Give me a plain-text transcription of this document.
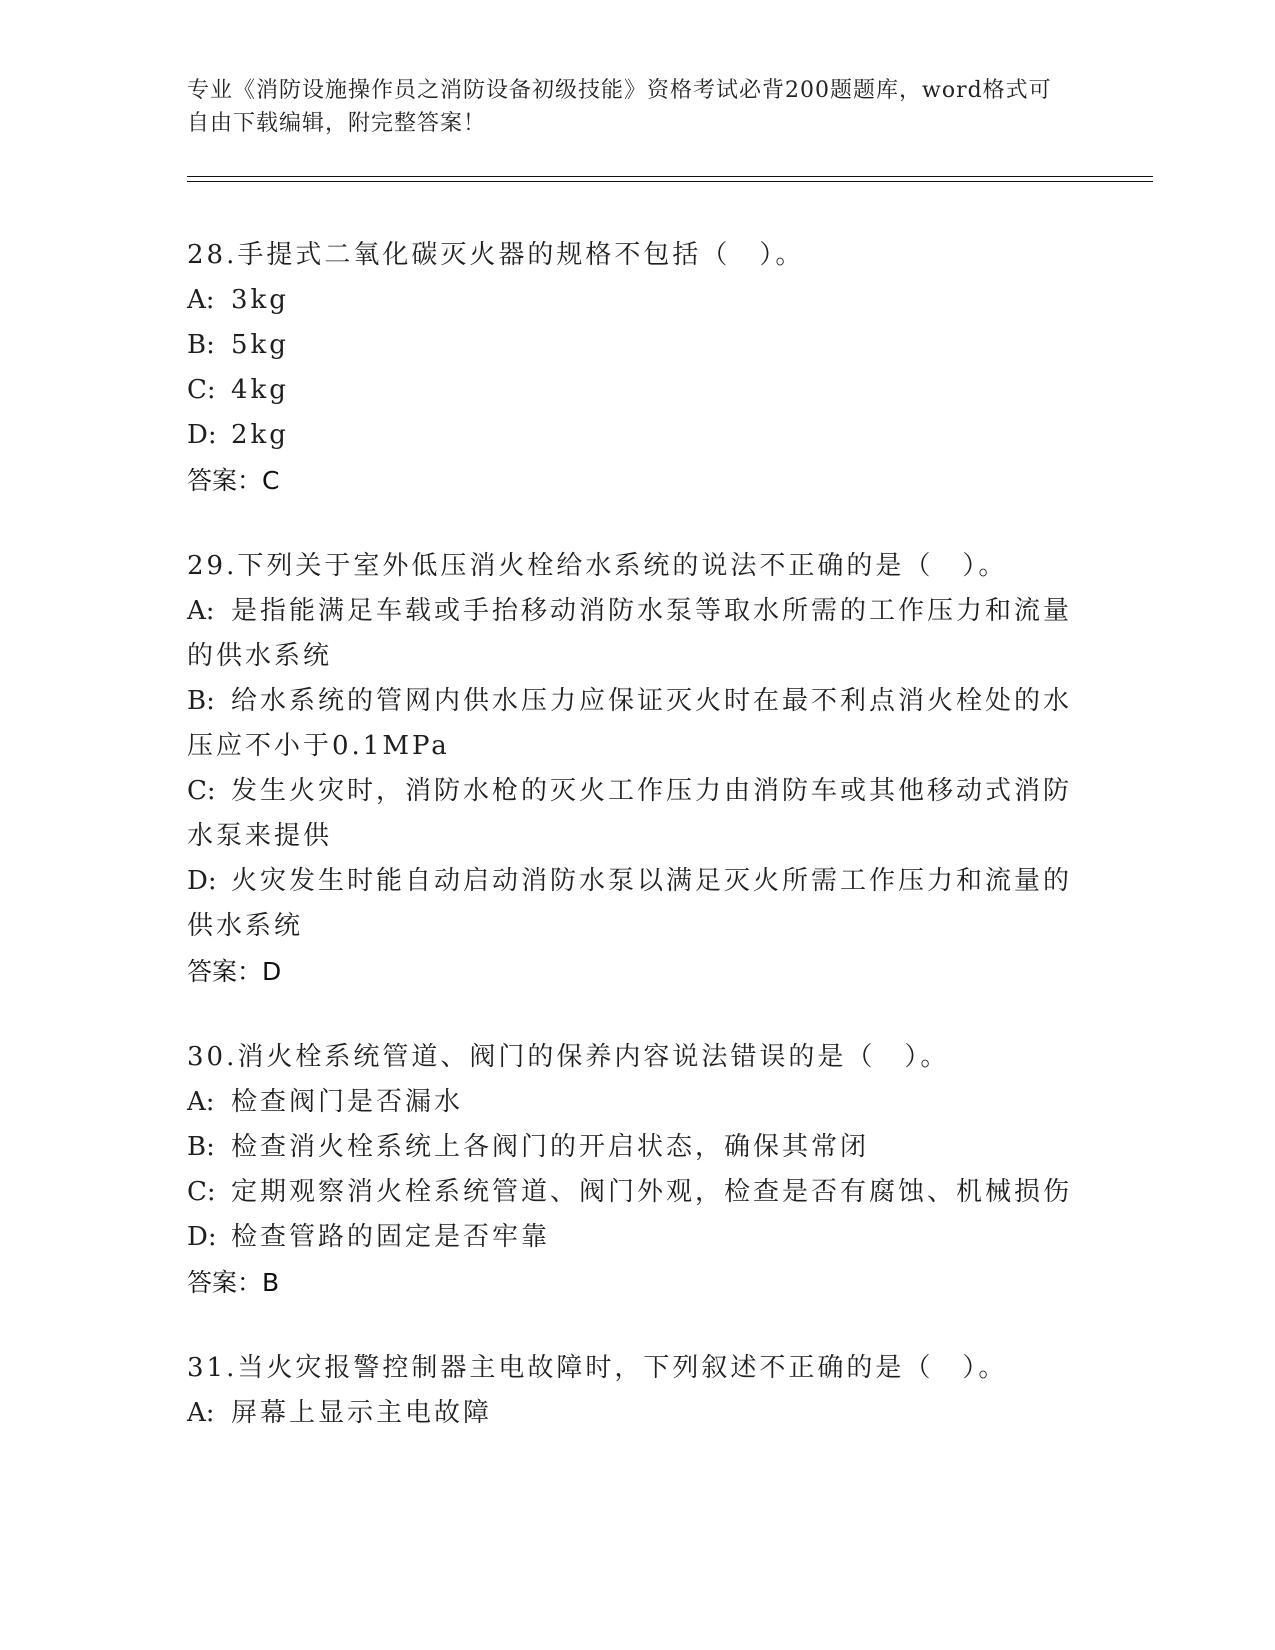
专业《消防设施操作员之消防设备初级技能》资格考试必背200题题库，word格式可自由下载编辑，附完整答案！

28.手提式二氧化碳灭火器的规格不包括（　）。

A: 3kg

B: 5kg

C: 4kg

D: 2kg

答案：C

29.下列关于室外低压消火栓给水系统的说法不正确的是（　）。

A: 是指能满足车载或手抬移动消防水泵等取水所需的工作压力和流量的供水系统

B: 给水系统的管网内供水压力应保证灭火时在最不利点消火栓处的水压应不小于0.1MPa

C: 发生火灾时，消防水枪的灭火工作压力由消防车或其他移动式消防水泵来提供

D: 火灾发生时能自动启动消防水泵以满足灭火所需工作压力和流量的供水系统

答案：D

30.消火栓系统管道、阀门的保养内容说法错误的是（　）。

A: 检查阀门是否漏水

B: 检查消火栓系统上各阀门的开启状态，确保其常闭

C: 定期观察消火栓系统管道、阀门外观，检查是否有腐蚀、机械损伤

D: 检查管路的固定是否牢靠

答案：B

31.当火灾报警控制器主电故障时，下列叙述不正确的是（　）。

A: 屏幕上显示主电故障
